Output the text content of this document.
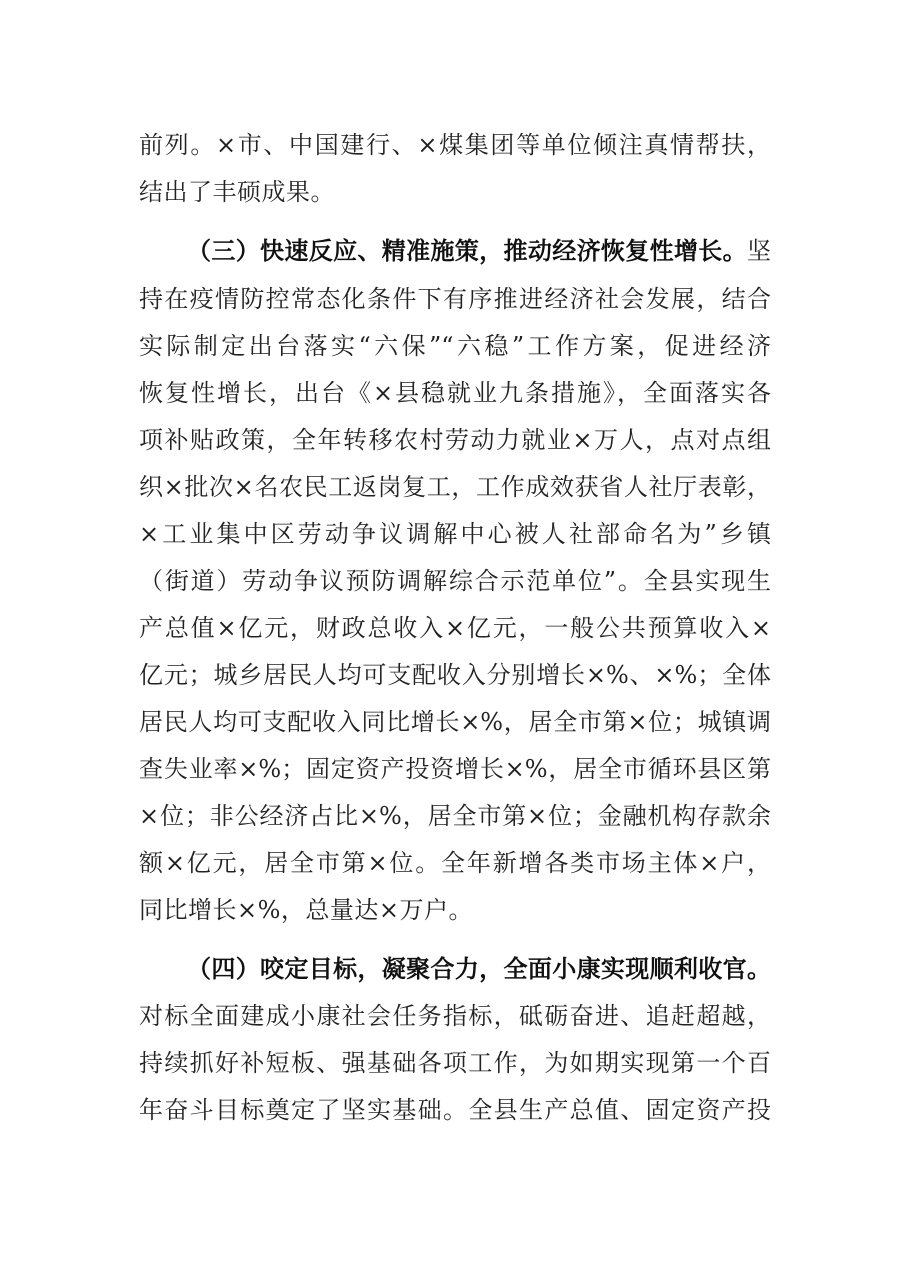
前列。×市、中国建行、×煤集团等单位倾注真情帮扶，
结出了丰硕成果。
（三）快速反应、精准施策，推动经济恢复性增长。坚
持在疫情防控常态化条件下有序推进经济社会发展，结合
实际制定出台落实“六保”“六稳”工作方案，促进经济
恢复性增长，出台《×县稳就业九条措施》，全面落实各
项补贴政策，全年转移农村劳动力就业×万人，点对点组
织×批次×名农民工返岗复工，工作成效获省人社厅表彰，
×工业集中区劳动争议调解中心被人社部命名为”乡镇
（街道）劳动争议预防调解综合示范单位”。全县实现生
产总值×亿元，财政总收入×亿元，一般公共预算收入×
亿元；城乡居民人均可支配收入分别增长×%、×%；全体
居民人均可支配收入同比增长×%，居全市第×位；城镇调
查失业率×%；固定资产投资增长×%，居全市循环县区第
×位；非公经济占比×%，居全市第×位；金融机构存款余
额×亿元，居全市第×位。全年新增各类市场主体×户，
同比增长×%，总量达×万户。
（四）咬定目标，凝聚合力，全面小康实现顺利收官。
对标全面建成小康社会任务指标，砥砺奋进、追赶超越，
持续抓好补短板、强基础各项工作，为如期实现第一个百
年奋斗目标奠定了坚实基础。全县生产总值、固定资产投
